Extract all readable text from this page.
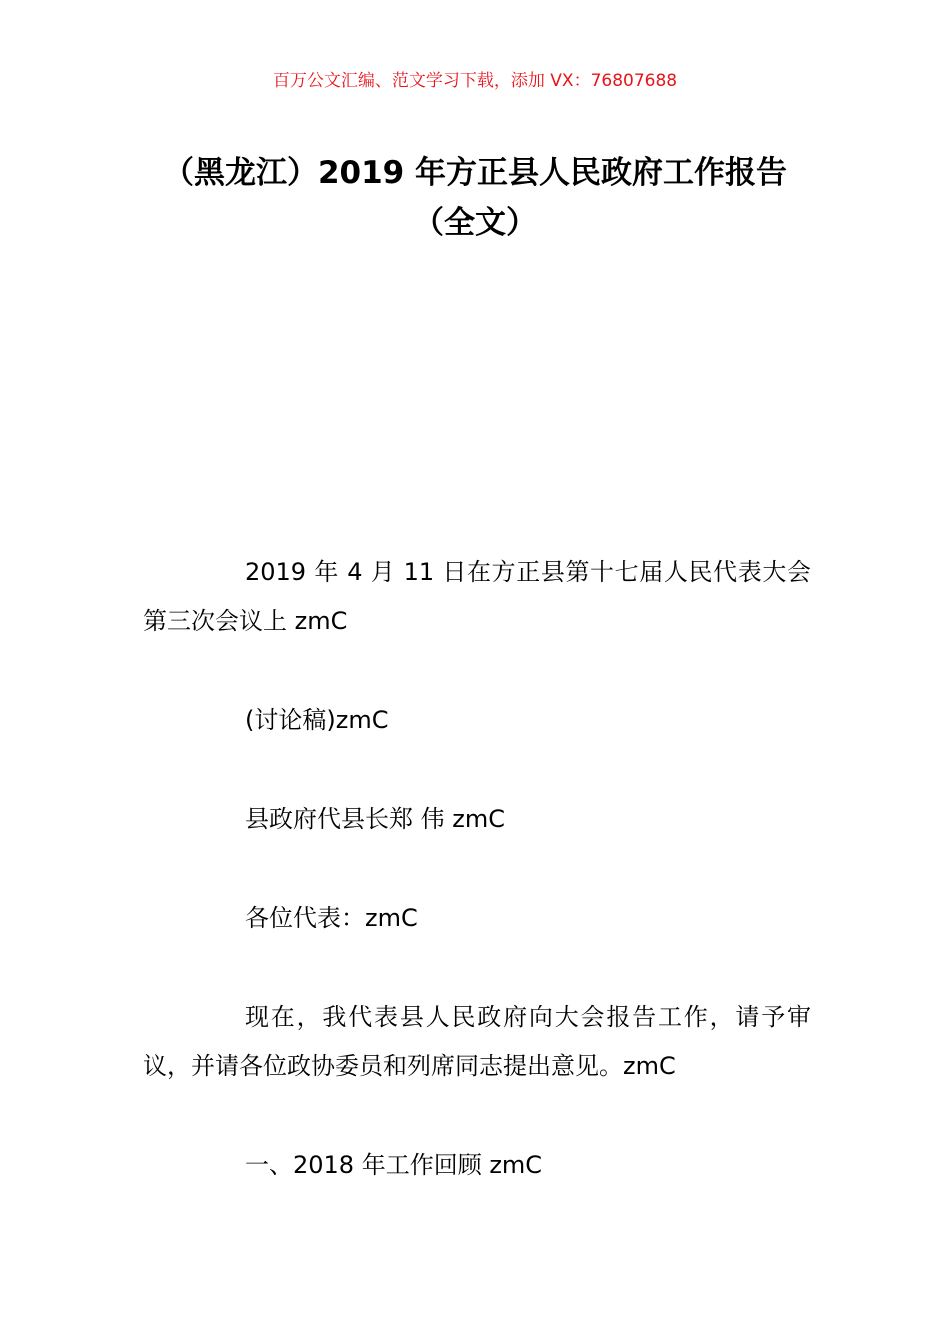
百万公文汇编、范文学习下载，添加 VX：76807688
（黑龙江）2019 年方正县人民政府工作报告（全文）

2019 年 4 月 11 日在方正县第十七届人民代表大会第三次会议上 zmC

(讨论稿)zmC

县政府代县长郑 伟 zmC

各位代表：zmC

现在，我代表县人民政府向大会报告工作，请予审议，并请各位政协委员和列席同志提出意见。zmC

一、2018 年工作回顾 zmC
